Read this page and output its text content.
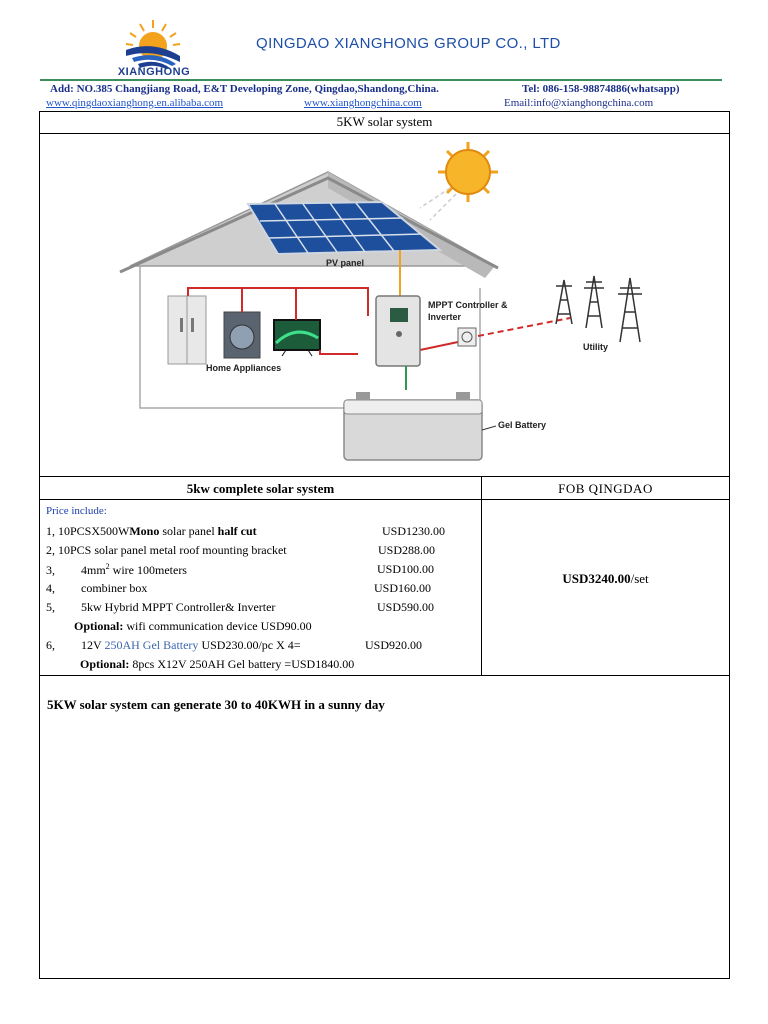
XIANGHONG
QINGDAO XIANGHONG GROUP CO., LTD
Add: NO.385 Changjiang Road, E&T Developing Zone, Qingdao,Shandong,China.	Tel: 086-158-98874886(whatsapp)
www.qingdaoxianghong.en.alibaba.com	www.xianghongchina.com	Email:info@xianghongchina.com
5KW solar system
PV panel
Home Appliances
MPPT Controller &
Inverter
Gel Battery
Utility
5kw complete solar system	FOB QINGDAO
Price include:
1, 10PCSX500WMono solar panel half cut	USD1230.00
2, 10PCS solar panel metal roof mounting bracket	USD288.00
3, $4mm^2$ wire 100meters	USD100.00
4, combiner box	USD160.00
5, 5kw Hybrid MPPT Controller& Inverter	USD590.00
Optional: wifi communication device USD90.00
6, 12V 250AH Gel Battery USD230.00/pc X 4=	USD920.00
Optional: 8pcs X12V 250AH Gel battery =USD1840.00
USD3240.00/set
5KW solar system can generate 30 to 40KWH in a sunny day
